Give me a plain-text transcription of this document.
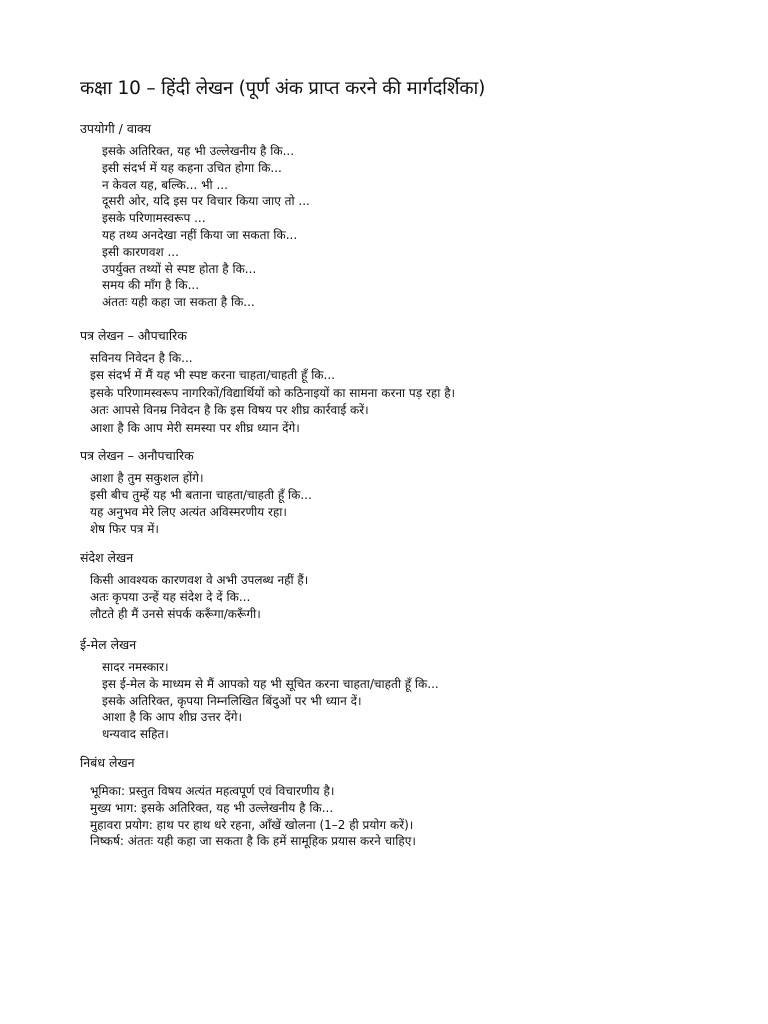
कक्षा 10 – हिंदी लेखन (पूर्ण अंक प्राप्त करने की मार्गदर्शिका)
उपयोगी / वाक्य
इसके अतिरिक्त, यह भी उल्लेखनीय है कि...
इसी संदर्भ में यह कहना उचित होगा कि...
न केवल यह, बल्कि... भी ...
दूसरी ओर, यदि इस पर विचार किया जाए तो ...
इसके परिणामस्वरूप ...
यह तथ्य अनदेखा नहीं किया जा सकता कि...
इसी कारणवश ...
उपर्युक्त तथ्यों से स्पष्ट होता है कि...
समय की माँग है कि...
अंततः यही कहा जा सकता है कि...
पत्र लेखन – औपचारिक
सविनय निवेदन है कि...
इस संदर्भ में मैं यह भी स्पष्ट करना चाहता/चाहती हूँ कि...
इसके परिणामस्वरूप नागरिकों/विद्यार्थियों को कठिनाइयों का सामना करना पड़ रहा है।
अतः आपसे विनम्र निवेदन है कि इस विषय पर शीघ्र कार्रवाई करें।
आशा है कि आप मेरी समस्या पर शीघ्र ध्यान देंगे।
पत्र लेखन – अनौपचारिक
आशा है तुम सकुशल होंगे।
इसी बीच तुम्हें यह भी बताना चाहता/चाहती हूँ कि...
यह अनुभव मेरे लिए अत्यंत अविस्मरणीय रहा।
शेष फिर पत्र में।
संदेश लेखन
किसी आवश्यक कारणवश वे अभी उपलब्ध नहीं हैं।
अतः कृपया उन्हें यह संदेश दे दें कि...
लौटते ही मैं उनसे संपर्क करूँगा/करूँगी।
ई-मेल लेखन
सादर नमस्कार।
इस ई-मेल के माध्यम से मैं आपको यह भी सूचित करना चाहता/चाहती हूँ कि...
इसके अतिरिक्त, कृपया निम्नलिखित बिंदुओं पर भी ध्यान दें।
आशा है कि आप शीघ्र उत्तर देंगे।
धन्यवाद सहित।
निबंध लेखन
भूमिका: प्रस्तुत विषय अत्यंत महत्वपूर्ण एवं विचारणीय है।
मुख्य भाग: इसके अतिरिक्त, यह भी उल्लेखनीय है कि...
मुहावरा प्रयोग: हाथ पर हाथ धरे रहना, आँखें खोलना (1–2 ही प्रयोग करें)।
निष्कर्ष: अंततः यही कहा जा सकता है कि हमें सामूहिक प्रयास करने चाहिए।
